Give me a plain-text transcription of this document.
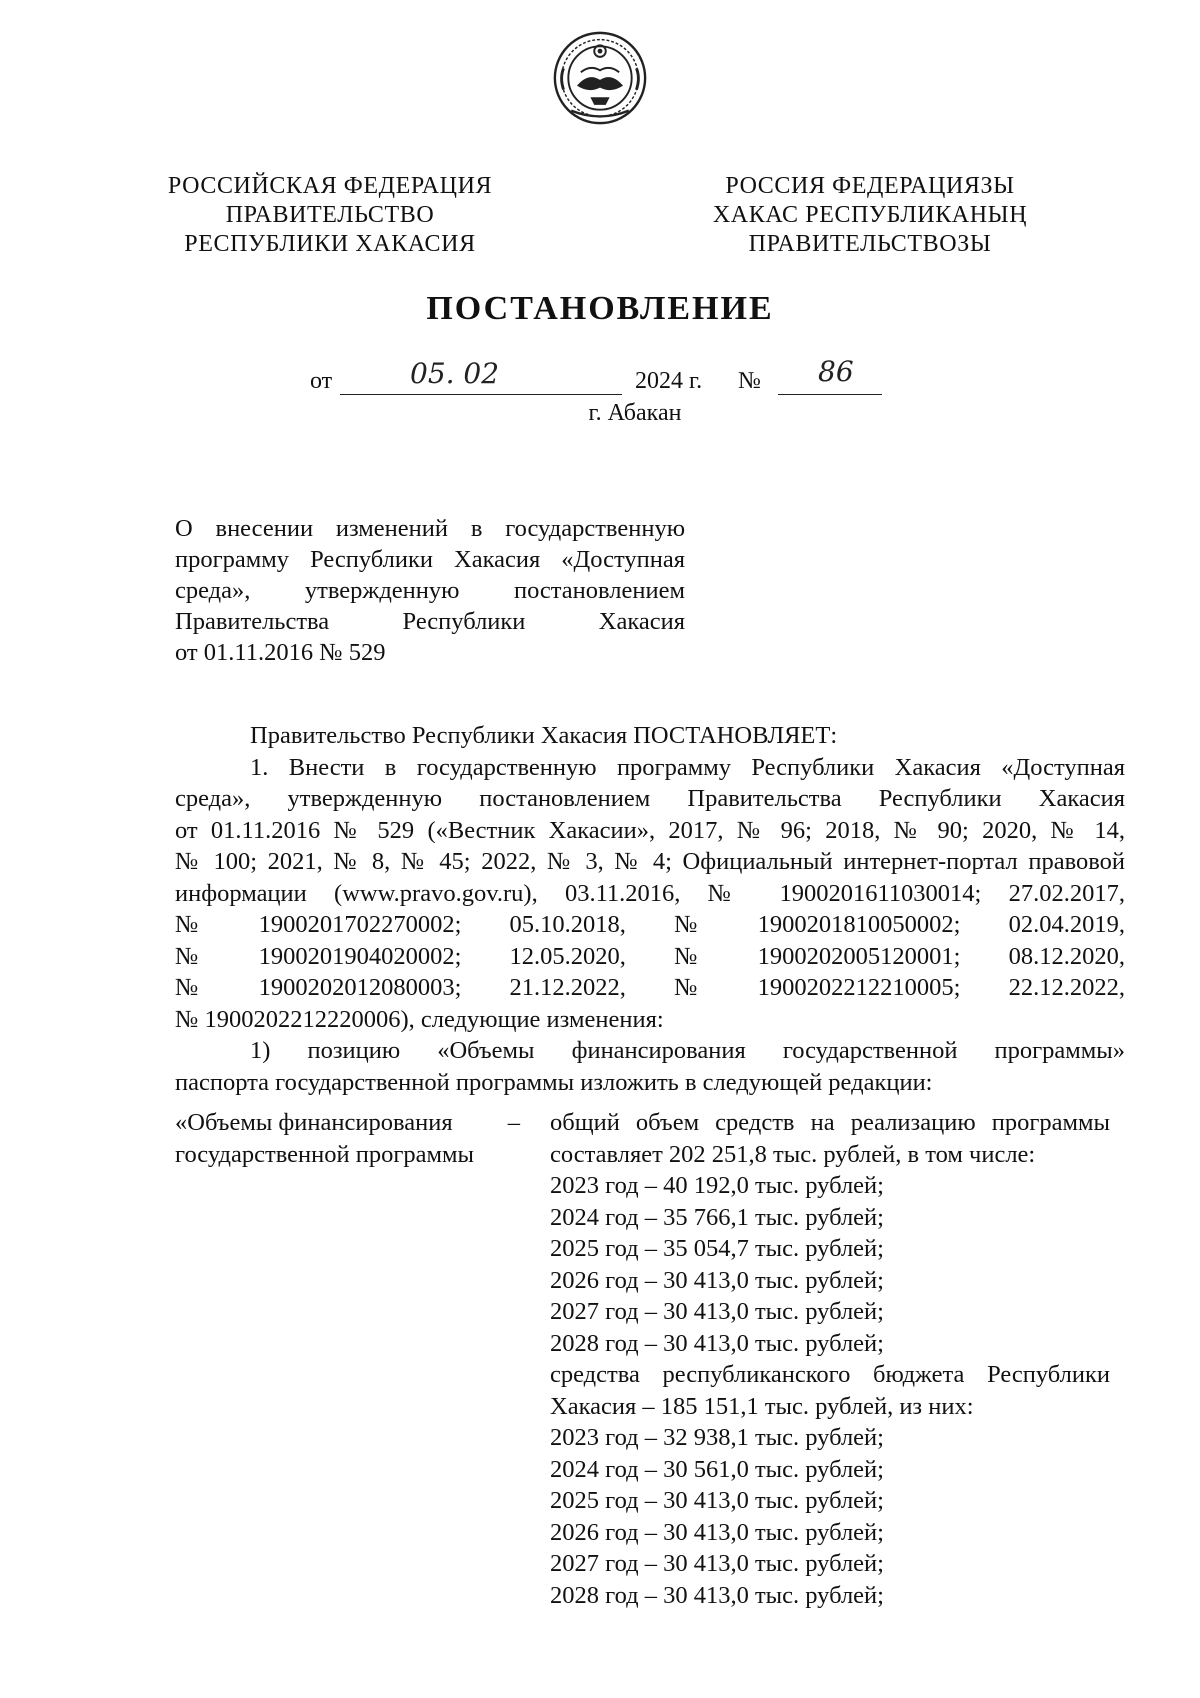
РОССИЙСКАЯ ФЕДЕРАЦИЯ
ПРАВИТЕЛЬСТВО
РЕСПУБЛИКИ ХАКАСИЯ
РОССИЯ ФЕДЕРАЦИЯЗЫ
ХАКАС РЕСПУБЛИКАНЫҢ
ПРАВИТЕЛЬСТВОЗЫ
ПОСТАНОВЛЕНИЕ
от	05. 02	2024 г. № 86
г. Абакан
О внесении изменений в государственную
программу Республики Хакасия «Доступная
среда», утвержденную постановлением
Правительства Республики Хакасия
от 01.11.2016 № 529
Правительство Республики Хакасия ПОСТАНОВЛЯЕТ:
1. Внести в государственную программу Республики Хакасия «Доступная
среда», утвержденную постановлением Правительства Республики Хакасия
от 01.11.2016 № 529 («Вестник Хакасии», 2017, № 96; 2018, № 90; 2020, № 14,
№ 100; 2021, № 8, № 45; 2022, № 3, № 4; Официальный интернет-портал правовой
информации (www.pravo.gov.ru), 03.11.2016, № 1900201611030014; 27.02.2017,
№ 1900201702270002; 05.10.2018, № 1900201810050002; 02.04.2019,
№ 1900201904020002; 12.05.2020, № 1900202005120001; 08.12.2020,
№ 1900202012080003; 21.12.2022, № 1900202212210005; 22.12.2022,
№ 1900202212220006), следующие изменения:
1) позицию «Объемы финансирования государственной программы»
паспорта государственной программы изложить в следующей редакции:
«Объемы финансирования –
государственной программы
общий объем средств на реализацию программы
составляет 202 251,8 тыс. рублей, в том числе:
2023 год – 40 192,0 тыс. рублей;
2024 год – 35 766,1 тыс. рублей;
2025 год – 35 054,7 тыс. рублей;
2026 год – 30 413,0 тыс. рублей;
2027 год – 30 413,0 тыс. рублей;
2028 год – 30 413,0 тыс. рублей;
средства республиканского бюджета Республики
Хакасия – 185 151,1 тыс. рублей, из них:
2023 год – 32 938,1 тыс. рублей;
2024 год – 30 561,0 тыс. рублей;
2025 год – 30 413,0 тыс. рублей;
2026 год – 30 413,0 тыс. рублей;
2027 год – 30 413,0 тыс. рублей;
2028 год – 30 413,0 тыс. рублей;
